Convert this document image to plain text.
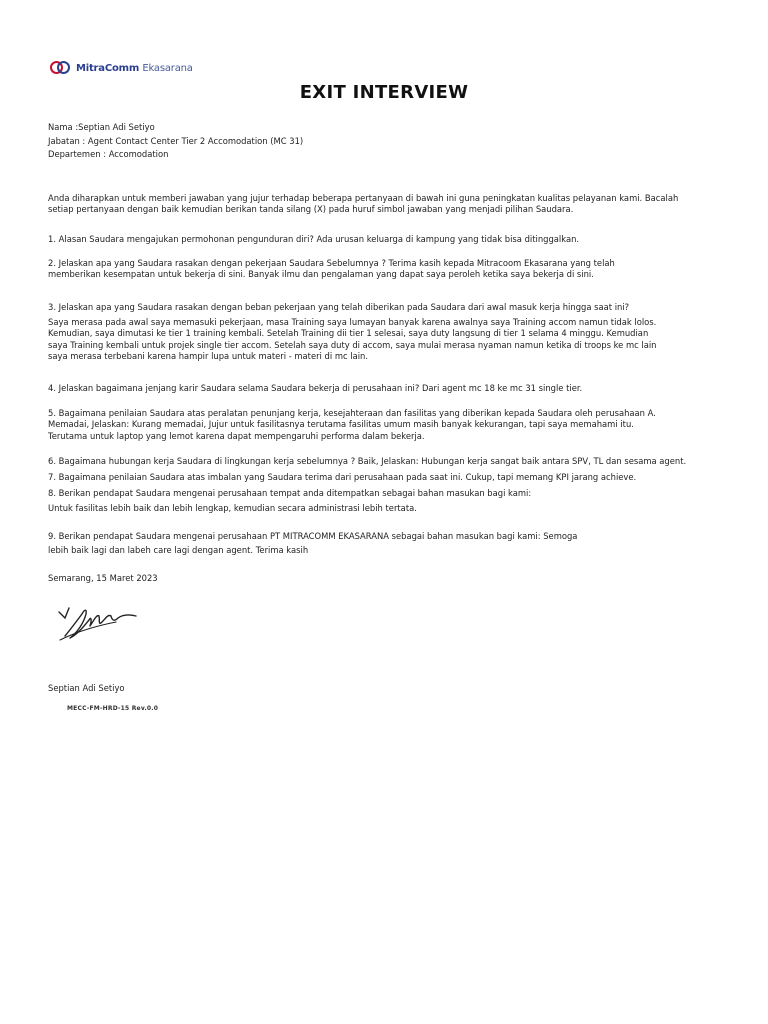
MitraComm Ekasarana
EXIT INTERVIEW
Nama :Septian Adi Setiyo
Jabatan : Agent Contact Center Tier 2 Accomodation (MC 31)
Departemen : Accomodation
Anda diharapkan untuk memberi jawaban yang jujur terhadap beberapa pertanyaan di bawah ini guna peningkatan kualitas pelayanan kami. Bacalah setiap pertanyaan dengan baik kemudian berikan tanda silang (X) pada huruf simbol jawaban yang menjadi pilihan Saudara.
1. Alasan Saudara mengajukan permohonan pengunduran diri? Ada urusan keluarga di kampung yang tidak bisa ditinggalkan.
2. Jelaskan apa yang Saudara rasakan dengan pekerjaan Saudara Sebelumnya ? Terima kasih kepada Mitracoom Ekasarana yang telah memberikan kesempatan untuk bekerja di sini. Banyak ilmu dan pengalaman yang dapat saya peroleh ketika saya bekerja di sini.
3. Jelaskan apa yang Saudara rasakan dengan beban pekerjaan yang telah diberikan pada Saudara dari awal masuk kerja hingga saat ini?
Saya merasa pada awal saya memasuki pekerjaan, masa Training saya lumayan banyak karena awalnya saya Training accom namun tidak lolos. Kemudian, saya dimutasi ke tier 1 training kembali. Setelah Training dii tier 1 selesai, saya duty langsung di tier 1 selama 4 minggu. Kemudian saya Training kembali untuk projek single tier accom. Setelah saya duty di accom, saya mulai merasa nyaman namun ketika di troops ke mc lain saya merasa terbebani karena hampir lupa untuk materi - materi di mc lain.
4. Jelaskan bagaimana jenjang karir Saudara selama Saudara bekerja di perusahaan ini? Dari agent mc 18 ke mc 31 single tier.
5. Bagaimana penilaian Saudara atas peralatan penunjang kerja, kesejahteraan dan fasilitas yang diberikan kepada Saudara oleh perusahaan A. Memadai, Jelaskan: Kurang memadai, Jujur untuk fasilitasnya terutama fasilitas umum masih banyak kekurangan, tapi saya memahami itu. Terutama untuk laptop yang lemot karena dapat mempengaruhi performa dalam bekerja.
6. Bagaimana hubungan kerja Saudara di lingkungan kerja sebelumnya ? Baik, Jelaskan: Hubungan kerja sangat baik antara SPV, TL dan sesama agent.
7. Bagaimana penilaian Saudara atas imbalan yang Saudara terima dari perusahaan pada saat ini. Cukup, tapi memang KPI jarang achieve.
8. Berikan pendapat Saudara mengenai perusahaan tempat anda ditempatkan sebagai bahan masukan bagi kami:
Untuk fasilitas lebih baik dan lebih lengkap, kemudian secara administrasi lebih tertata.
9. Berikan pendapat Saudara mengenai perusahaan PT MITRACOMM EKASARANA sebagai bahan masukan bagi kami: Semoga
lebih baik lagi dan labeh care lagi dengan agent. Terima kasih
Semarang, 15 Maret 2023
Septian Adi Setiyo
MECC-FM-HRD-15 Rev.0.0
